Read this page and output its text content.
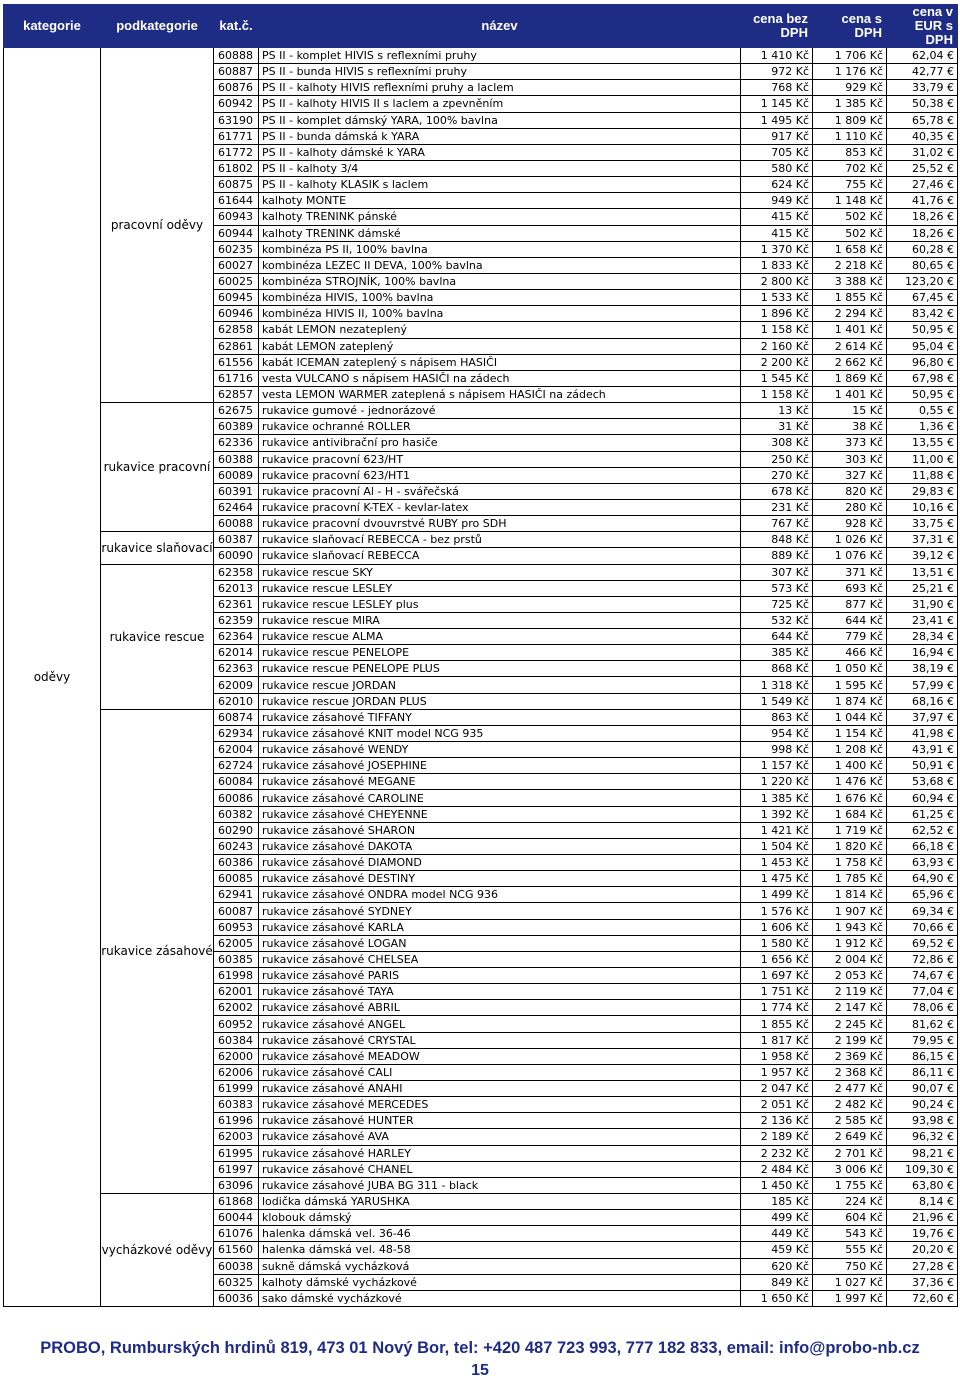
kategorie	podkategorie	kat.č.	název	cena bez DPH	cena s DPH	cena v EUR s DPH
oděvy	pracovní oděvy	60888	PS II - komplet HIVIS s reflexními pruhy	1 410 Kč	1 706 Kč	62,04 €
		60887	PS II - bunda HIVIS s reflexními pruhy	972 Kč	1 176 Kč	42,77 €
		60876	PS II - kalhoty HIVIS reflexními pruhy a laclem	768 Kč	929 Kč	33,79 €
		60942	PS II - kalhoty HIVIS II s laclem a zpevněním	1 145 Kč	1 385 Kč	50,38 €
		63190	PS II - komplet dámský YARA, 100% bavlna	1 495 Kč	1 809 Kč	65,78 €
		61771	PS II - bunda dámská k YARA	917 Kč	1 110 Kč	40,35 €
		61772	PS II - kalhoty dámské k YARA	705 Kč	853 Kč	31,02 €
		61802	PS II - kalhoty 3/4	580 Kč	702 Kč	25,52 €
		60875	PS II - kalhoty KLASIK s laclem	624 Kč	755 Kč	27,46 €
		61644	kalhoty MONTE	949 Kč	1 148 Kč	41,76 €
		60943	kalhoty TRENINK pánské	415 Kč	502 Kč	18,26 €
		60944	kalhoty TRENINK dámské	415 Kč	502 Kč	18,26 €
		60235	kombinéza PS II, 100% bavlna	1 370 Kč	1 658 Kč	60,28 €
		60027	kombinéza LEZEC II DEVA, 100% bavlna	1 833 Kč	2 218 Kč	80,65 €
		60025	kombinéza STROJNÍK, 100% bavlna	2 800 Kč	3 388 Kč	123,20 €
		60945	kombinéza HIVIS, 100% bavlna	1 533 Kč	1 855 Kč	67,45 €
		60946	kombinéza HIVIS II, 100% bavlna	1 896 Kč	2 294 Kč	83,42 €
		62858	kabát LEMON nezateplený	1 158 Kč	1 401 Kč	50,95 €
		62861	kabát LEMON zateplený	2 160 Kč	2 614 Kč	95,04 €
		61556	kabát ICEMAN zateplený s nápisem HASIČI	2 200 Kč	2 662 Kč	96,80 €
		61716	vesta VULCANO s nápisem HASIČI na zádech	1 545 Kč	1 869 Kč	67,98 €
		62857	vesta LEMON WARMER zateplená s nápisem HASIČI na zádech	1 158 Kč	1 401 Kč	50,95 €
	rukavice pracovní	62675	rukavice gumové - jednorázové	13 Kč	15 Kč	0,55 €
		60389	rukavice ochranné ROLLER	31 Kč	38 Kč	1,36 €
		62336	rukavice antivibrační pro hasiče	308 Kč	373 Kč	13,55 €
		60388	rukavice pracovní 623/HT	250 Kč	303 Kč	11,00 €
		60089	rukavice pracovní 623/HT1	270 Kč	327 Kč	11,88 €
		60391	rukavice pracovní Al - H - svářečská	678 Kč	820 Kč	29,83 €
		62464	rukavice pracovní K-TEX - kevlar-latex	231 Kč	280 Kč	10,16 €
		60088	rukavice pracovní dvouvrstvé RUBY pro SDH	767 Kč	928 Kč	33,75 €
	rukavice slaňovací	60387	rukavice slaňovací REBECCA - bez prstů	848 Kč	1 026 Kč	37,31 €
		60090	rukavice slaňovací REBECCA	889 Kč	1 076 Kč	39,12 €
	rukavice rescue	62358	rukavice rescue SKY	307 Kč	371 Kč	13,51 €
		62013	rukavice rescue LESLEY	573 Kč	693 Kč	25,21 €
		62361	rukavice rescue LESLEY plus	725 Kč	877 Kč	31,90 €
		62359	rukavice rescue MIRA	532 Kč	644 Kč	23,41 €
		62364	rukavice rescue ALMA	644 Kč	779 Kč	28,34 €
		62014	rukavice rescue PENELOPE	385 Kč	466 Kč	16,94 €
		62363	rukavice rescue PENELOPE PLUS	868 Kč	1 050 Kč	38,19 €
		62009	rukavice rescue JORDAN	1 318 Kč	1 595 Kč	57,99 €
		62010	rukavice rescue JORDAN PLUS	1 549 Kč	1 874 Kč	68,16 €
	rukavice zásahové	60874	rukavice zásahové TIFFANY	863 Kč	1 044 Kč	37,97 €
		62934	rukavice zásahové KNIT model NCG 935	954 Kč	1 154 Kč	41,98 €
		62004	rukavice zásahové WENDY	998 Kč	1 208 Kč	43,91 €
		62724	rukavice zásahové JOSEPHINE	1 157 Kč	1 400 Kč	50,91 €
		60084	rukavice zásahové MEGANE	1 220 Kč	1 476 Kč	53,68 €
		60086	rukavice zásahové CAROLINE	1 385 Kč	1 676 Kč	60,94 €
		60382	rukavice zásahové CHEYENNE	1 392 Kč	1 684 Kč	61,25 €
		60290	rukavice zásahové SHARON	1 421 Kč	1 719 Kč	62,52 €
		60243	rukavice zásahové DAKOTA	1 504 Kč	1 820 Kč	66,18 €
		60386	rukavice zásahové DIAMOND	1 453 Kč	1 758 Kč	63,93 €
		60085	rukavice zásahové DESTINY	1 475 Kč	1 785 Kč	64,90 €
		62941	rukavice zásahové ONDRA model NCG 936	1 499 Kč	1 814 Kč	65,96 €
		60087	rukavice zásahové SYDNEY	1 576 Kč	1 907 Kč	69,34 €
		60953	rukavice zásahové KARLA	1 606 Kč	1 943 Kč	70,66 €
		62005	rukavice zásahové LOGAN	1 580 Kč	1 912 Kč	69,52 €
		60385	rukavice zásahové CHELSEA	1 656 Kč	2 004 Kč	72,86 €
		61998	rukavice zásahové PARIS	1 697 Kč	2 053 Kč	74,67 €
		62001	rukavice zásahové TAYA	1 751 Kč	2 119 Kč	77,04 €
		62002	rukavice zásahové ABRIL	1 774 Kč	2 147 Kč	78,06 €
		60952	rukavice zásahové ANGEL	1 855 Kč	2 245 Kč	81,62 €
		60384	rukavice zásahové CRYSTAL	1 817 Kč	2 199 Kč	79,95 €
		62000	rukavice zásahové MEADOW	1 958 Kč	2 369 Kč	86,15 €
		62006	rukavice zásahové CALI	1 957 Kč	2 368 Kč	86,11 €
		61999	rukavice zásahové ANAHI	2 047 Kč	2 477 Kč	90,07 €
		60383	rukavice zásahové MERCEDES	2 051 Kč	2 482 Kč	90,24 €
		61996	rukavice zásahové HUNTER	2 136 Kč	2 585 Kč	93,98 €
		62003	rukavice zásahové AVA	2 189 Kč	2 649 Kč	96,32 €
		61995	rukavice zásahové HARLEY	2 232 Kč	2 701 Kč	98,21 €
		61997	rukavice zásahové CHANEL	2 484 Kč	3 006 Kč	109,30 €
		63096	rukavice zásahové JUBA BG 311 - black	1 450 Kč	1 755 Kč	63,80 €
	vycházkové oděvy	61868	lodička dámská YARUSHKA	185 Kč	224 Kč	8,14 €
		60044	klobouk dámský	499 Kč	604 Kč	21,96 €
		61076	halenka dámská vel. 36-46	449 Kč	543 Kč	19,76 €
		61560	halenka dámská vel. 48-58	459 Kč	555 Kč	20,20 €
		60038	sukně dámská vycházková	620 Kč	750 Kč	27,28 €
		60325	kalhoty dámské vycházkové	849 Kč	1 027 Kč	37,36 €
		60036	sako dámské vycházkové	1 650 Kč	1 997 Kč	72,60 €
PROBO, Rumburských hrdinů 819, 473 01 Nový Bor, tel: +420 487 723 993, 777 182 833, email: info@probo-nb.cz
15
